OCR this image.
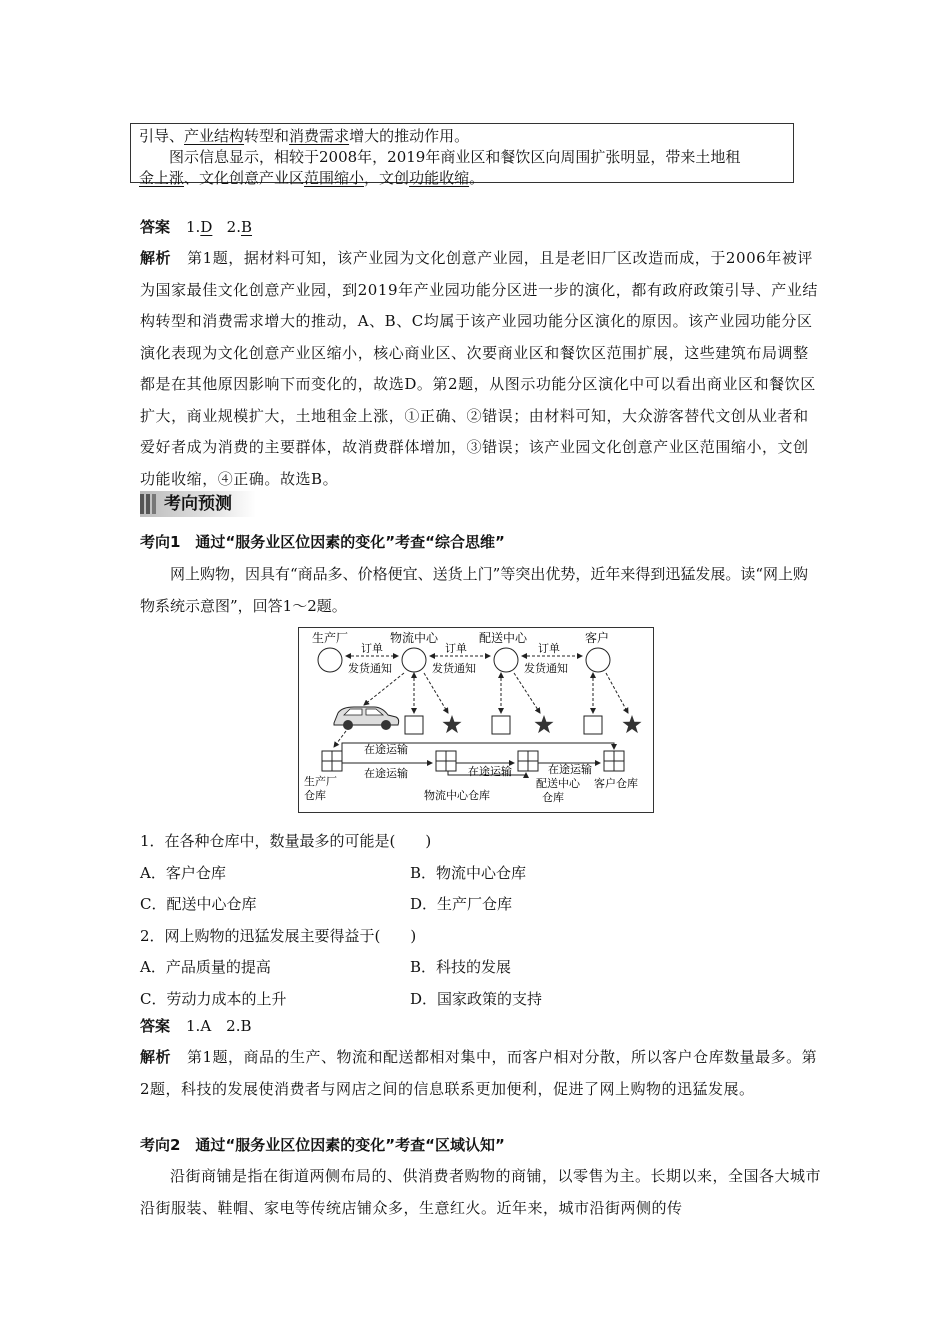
引导、产业结构转型和消费需求增大的推动作用。
图示信息显示，相较于2008年，2019年商业区和餐饮区向周围扩张明显，带来土地租
金上涨、文化创意产业区范围缩小，文创功能收缩。
答案 1.D 2.B
解析 第1题，据材料可知，该产业园为文化创意产业园，且是老旧厂区改造而成，于2006年被评为国家最佳文化创意产业园，到2019年产业园功能分区进一步的演化，都有政府政策引导、产业结构转型和消费需求增大的推动，A、B、C均属于该产业园功能分区演化的原因。该产业园功能分区演化表现为文化创意产业区缩小，核心商业区、次要商业区和餐饮区范围扩展，这些建筑布局调整都是在其他原因影响下而变化的，故选D。第2题，从图示功能分区演化中可以看出商业区和餐饮区扩大，商业规模扩大，土地租金上涨，①正确、②错误；由材料可知，大众游客替代文创从业者和爱好者成为消费的主要群体，故消费群体增加，③错误；该产业园文化创意产业区范围缩小，文创功能收缩，④正确。故选B。
考向预测
考向1　通过“服务业区位因素的变化”考查“综合思维”
网上购物，因具有“商品多、价格便宜、送货上门”等突出优势，近年来得到迅猛发展。读“网上购物系统示意图”，回答1～2题。
生产厂	物流中心	配送中心	客户
订单	订单	订单
发货通知	发货通知	发货通知
在途运输
在途运输	在途运输	在途运输
生产厂
仓库	物流中心仓库
配送中心
仓库
客户仓库
1．在各种仓库中，数量最多的可能是(　　)
A．客户仓库	B．物流中心仓库
C．配送中心仓库	D．生产厂仓库
2．网上购物的迅猛发展主要得益于(　　)
A．产品质量的提高	B．科技的发展
C．劳动力成本的上升	D．国家政策的支持
答案 1.A　2.B
解析 第1题，商品的生产、物流和配送都相对集中，而客户相对分散，所以客户仓库数量最多。第2题，科技的发展使消费者与网店之间的信息联系更加便利，促进了网上购物的迅猛发展。
考向2　通过“服务业区位因素的变化”考查“区域认知”
沿街商铺是指在街道两侧布局的、供消费者购物的商铺，以零售为主。长期以来，全国各大城市沿街服装、鞋帽、家电等传统店铺众多，生意红火。近年来，城市沿街两侧的传
